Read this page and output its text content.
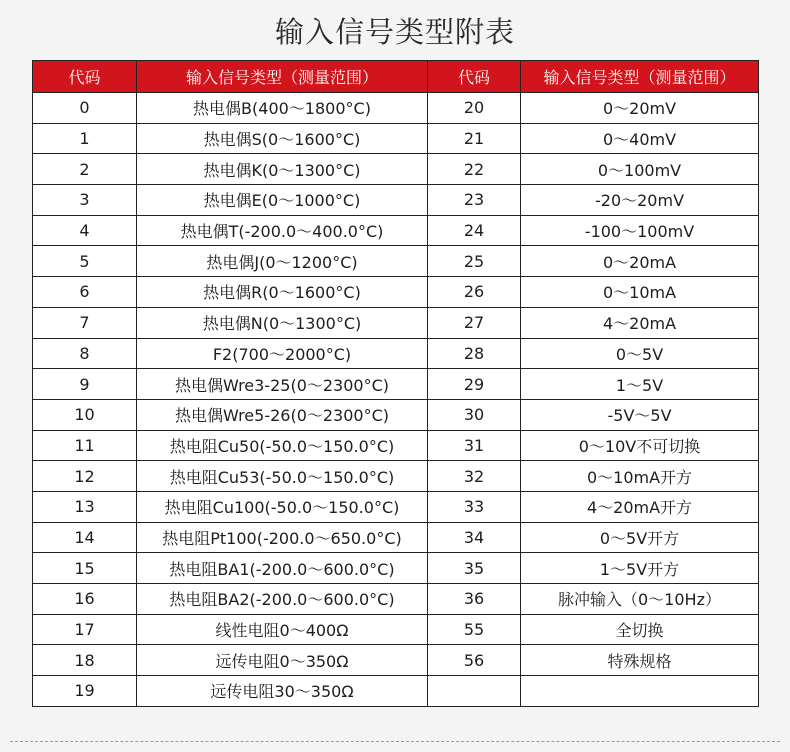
输入信号类型附表
代码	输入信号类型（测量范围）	代码	输入信号类型（测量范围）
0	热电偶B(400～1800°C)	20	0～20mV
1	热电偶S(0～1600°C)	21	0～40mV
2	热电偶K(0～1300°C)	22	0～100mV
3	热电偶E(0～1000°C)	23	-20～20mV
4	热电偶T(-200.0～400.0°C)	24	-100～100mV
5	热电偶J(0～1200°C)	25	0～20mA
6	热电偶R(0～1600°C)	26	0～10mA
7	热电偶N(0～1300°C)	27	4～20mA
8	F2(700～2000°C)	28	0～5V
9	热电偶Wre3-25(0～2300°C)	29	1～5V
10	热电偶Wre5-26(0～2300°C)	30	-5V～5V
11	热电阻Cu50(-50.0～150.0°C)	31	0～10V不可切换
12	热电阻Cu53(-50.0～150.0°C)	32	0～10mA开方
13	热电阻Cu100(-50.0～150.0°C)	33	4～20mA开方
14	热电阻Pt100(-200.0～650.0°C)	34	0～5V开方
15	热电阻BA1(-200.0～600.0°C)	35	1～5V开方
16	热电阻BA2(-200.0～600.0°C)	36	脉冲输入（0～10Hz）
17	线性电阻0～400Ω	55	全切换
18	远传电阻0～350Ω	56	特殊规格
19	远传电阻30～350Ω		
